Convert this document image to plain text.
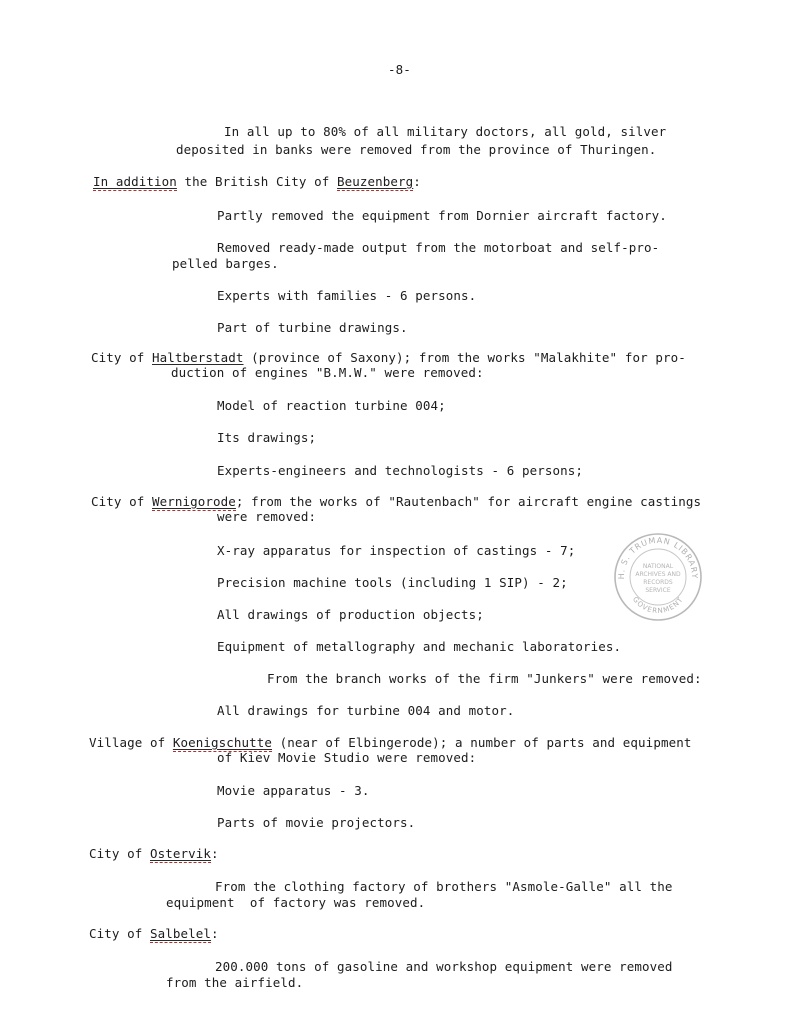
-8-
In all up to 80% of all military doctors, all gold, silver
deposited in banks were removed from the province of Thuringen.
In addition the British City of Beuzenberg:
Partly removed the equipment from Dornier aircraft factory.
Removed ready-made output from the motorboat and self-pro-
pelled barges.
Experts with families - 6 persons.
Part of turbine drawings.
City of Haltberstadt (province of Saxony); from the works "Malakhite" for pro-
duction of engines "B.M.W." were removed:
Model of reaction turbine 004;
Its drawings;
Experts-engineers and technologists - 6 persons;
City of Wernigorode; from the works of "Rautenbach" for aircraft engine castings
were removed:
X-ray apparatus for inspection of castings - 7;
Precision machine tools (including 1 SIP) - 2;
All drawings of production objects;
Equipment of metallography and mechanic laboratories.
From the branch works of the firm "Junkers" were removed:
All drawings for turbine 004 and motor.
Village of Koenigschutte (near of Elbingerode); a number of parts and equipment
of Kiev Movie Studio were removed:
Movie apparatus - 3.
Parts of movie projectors.
City of Ostervik:
From the clothing factory of brothers "Asmole-Galle" all the
equipment  of factory was removed.
City of Salbelel:
200.000 tons of gasoline and workshop equipment were removed
from the airfield.
H. S. TRUMAN LIBRARY
GOVERNMENT
NATIONAL
ARCHIVES AND
RECORDS
SERVICE
